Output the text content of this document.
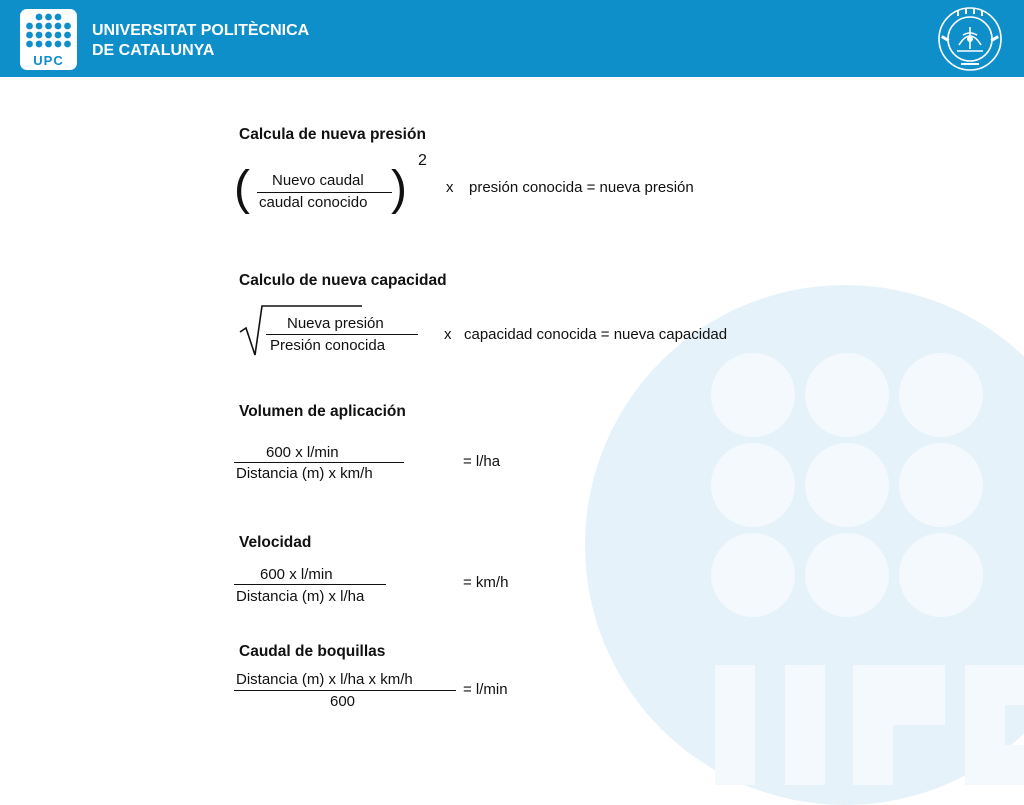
UPC
UNIVERSITAT POLITÈCNICA
DE CATALUNYA
Calcula de nueva presión
( Nuevo caudal
caudal conocido )
2
x presión conocida = nueva presión
Calculo de nueva capacidad
Nueva presión
Presión conocida
x capacidad conocida = nueva capacidad
Volumen de aplicación
600 x l/min
Distancia (m) x km/h
= l/ha
Velocidad
600 x l/min
Distancia (m) x l/ha
= km/h
Caudal de boquillas
Distancia (m) x l/ha x km/h
600
= l/min
